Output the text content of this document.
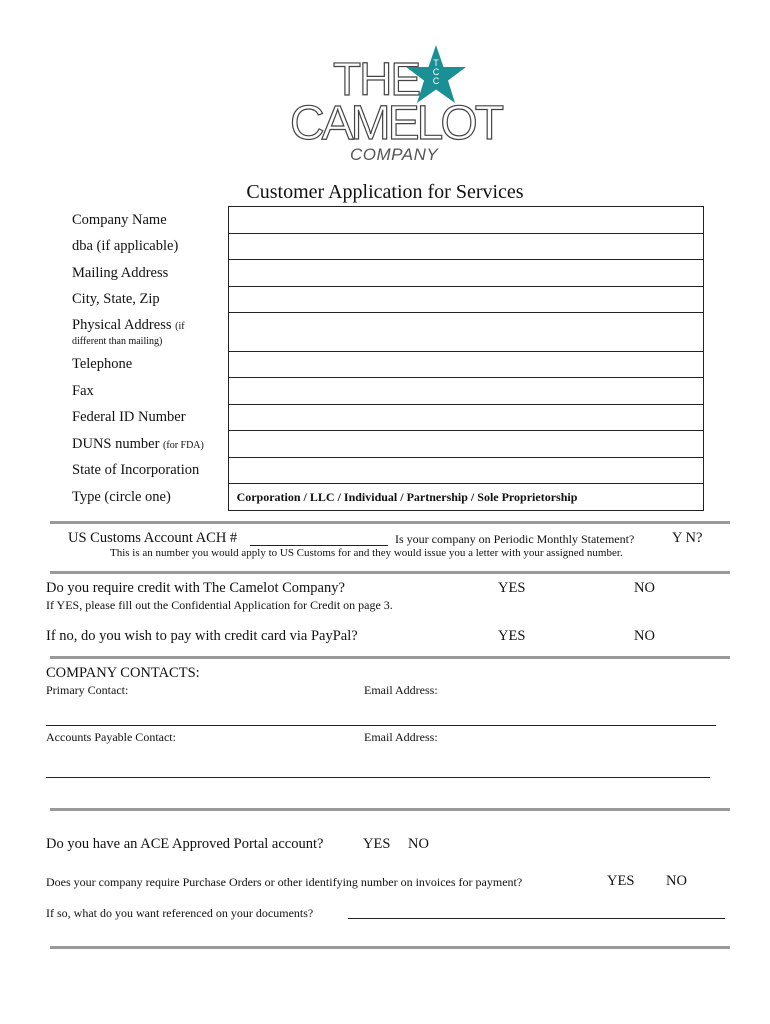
THE
CAMELOT
COMPANY
T
C
C
Customer Application for Services
Company Name	
dba (if applicable)	
Mailing Address	
City, State, Zip	
Physical Address (if
different than mailing)	
Telephone	
Fax	
Federal ID Number	
DUNS number (for FDA)	
State of Incorporation	
Type (circle one)	Corporation / LLC / Individual / Partnership / Sole Proprietorship
US Customs Account ACH #	Is your company on Periodic Monthly Statement?	Y N?
This is an number you would apply to US Customs for and they would issue you a letter with your assigned number.
Do you require credit with The Camelot Company?	YES	NO
If YES, please fill out the Confidential Application for Credit on page 3.
If no, do you wish to pay with credit card via PayPal?	YES	NO
COMPANY CONTACTS:
Primary Contact:	Email Address:
Accounts Payable Contact:	Email Address:
Do you have an ACE Approved Portal account?	YES NO
Does your company require Purchase Orders or other identifying number on invoices for payment?	YES NO
If so, what do you want referenced on your documents?
